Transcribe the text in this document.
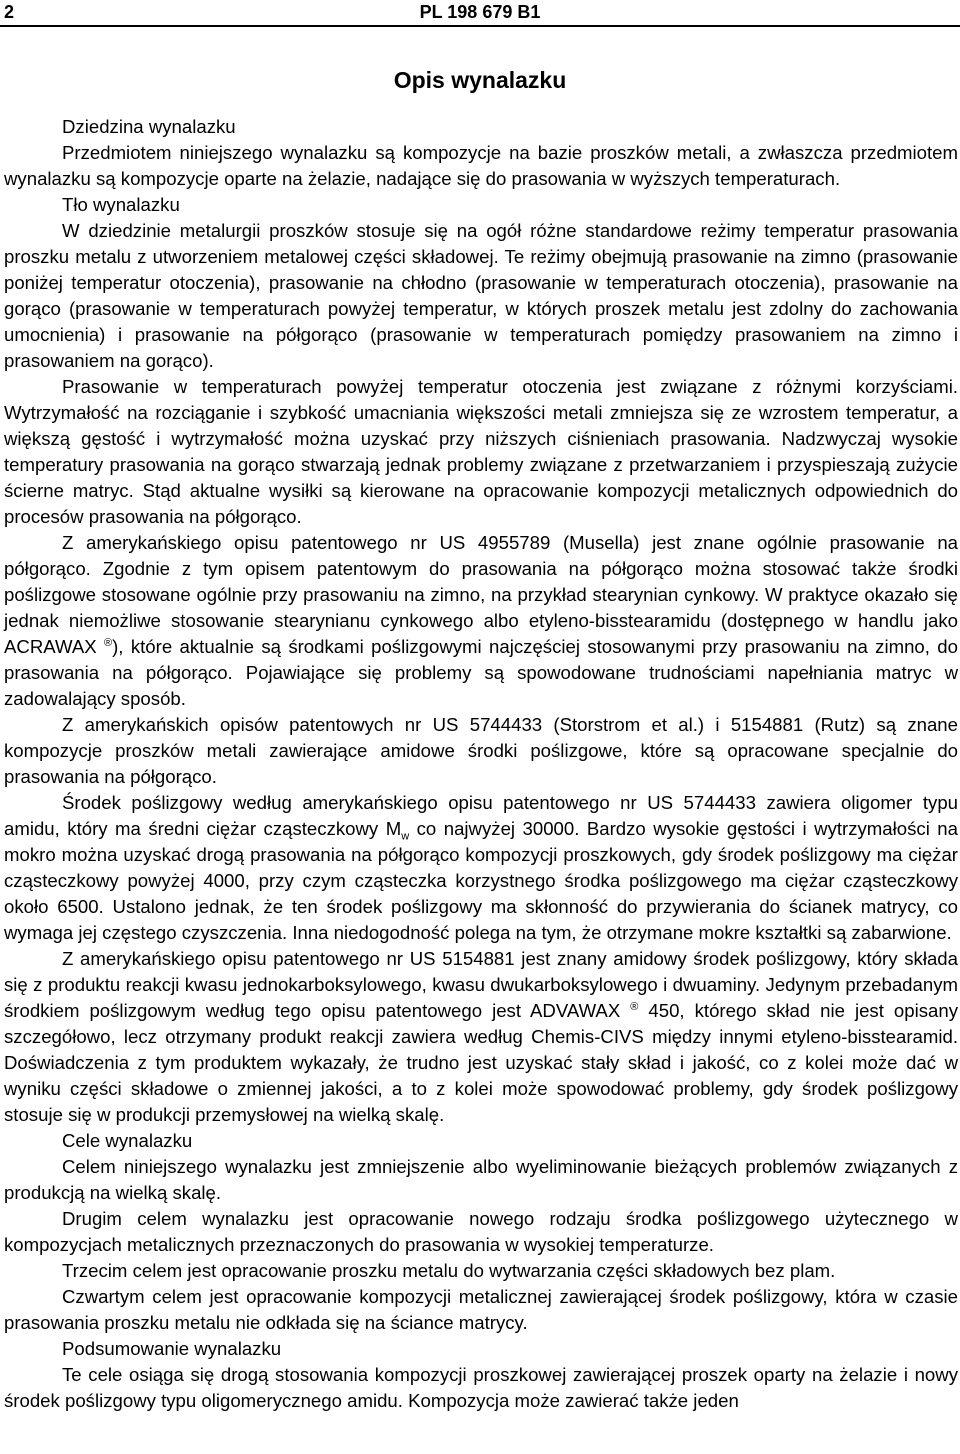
2	PL 198 679 B1
Opis wynalazku

Dziedzina wynalazku

Przedmiotem niniejszego wynalazku są kompozycje na bazie proszków metali, a zwłaszcza przedmiotem wynalazku są kompozycje oparte na żelazie, nadające się do prasowania w wyższych temperaturach.

Tło wynalazku

W dziedzinie metalurgii proszków stosuje się na ogół różne standardowe reżimy temperatur prasowania proszku metalu z utworzeniem metalowej części składowej. Te reżimy obejmują prasowanie na zimno (prasowanie poniżej temperatur otoczenia), prasowanie na chłodno (prasowanie w temperaturach otoczenia), prasowanie na gorąco (prasowanie w temperaturach powyżej temperatur, w których proszek metalu jest zdolny do zachowania umocnienia) i prasowanie na półgorąco (prasowanie w temperaturach pomiędzy prasowaniem na zimno i prasowaniem na gorąco).

Prasowanie w temperaturach powyżej temperatur otoczenia jest związane z różnymi korzyściami. Wytrzymałość na rozciąganie i szybkość umacniania większości metali zmniejsza się ze wzrostem temperatur, a większą gęstość i wytrzymałość można uzyskać przy niższych ciśnieniach prasowania. Nadzwyczaj wysokie temperatury prasowania na gorąco stwarzają jednak problemy związane z przetwarzaniem i przyspieszają zużycie ścierne matryc. Stąd aktualne wysiłki są kierowane na opracowanie kompozycji metalicznych odpowiednich do procesów prasowania na półgorąco.

Z amerykańskiego opisu patentowego nr US 4955789 (Musella) jest znane ogólnie prasowanie na półgorąco. Zgodnie z tym opisem patentowym do prasowania na półgorąco można stosować także środki poślizgowe stosowane ogólnie przy prasowaniu na zimno, na przykład stearynian cynkowy. W praktyce okazało się jednak niemożliwe stosowanie stearynianu cynkowego albo etyleno-bisstearamidu (dostępnego w handlu jako ACRAWAX ®), które aktualnie są środkami poślizgowymi najczęściej stosowanymi przy prasowaniu na zimno, do prasowania na półgorąco. Pojawiające się problemy są spowodowane trudnościami napełniania matryc w zadowalający sposób.

Z amerykańskich opisów patentowych nr US 5744433 (Storstrom et al.) i 5154881 (Rutz) są znane kompozycje proszków metali zawierające amidowe środki poślizgowe, które są opracowane specjalnie do prasowania na półgorąco.

Środek poślizgowy według amerykańskiego opisu patentowego nr US 5744433 zawiera oligomer typu amidu, który ma średni ciężar cząsteczkowy $M_w$ co najwyżej 30000. Bardzo wysokie gęstości i wytrzymałości na mokro można uzyskać drogą prasowania na półgorąco kompozycji proszkowych, gdy środek poślizgowy ma ciężar cząsteczkowy powyżej 4000, przy czym cząsteczka korzystnego środka poślizgowego ma ciężar cząsteczkowy około 6500. Ustalono jednak, że ten środek poślizgowy ma skłonność do przywierania do ścianek matrycy, co wymaga jej częstego czyszczenia. Inna niedogodność polega na tym, że otrzymane mokre kształtki są zabarwione.

Z amerykańskiego opisu patentowego nr US 5154881 jest znany amidowy środek poślizgowy, który składa się z produktu reakcji kwasu jednokarboksylowego, kwasu dwukarboksylowego i dwuaminy. Jedynym przebadanym środkiem poślizgowym według tego opisu patentowego jest ADVAWAX ® 450, którego skład nie jest opisany szczegółowo, lecz otrzymany produkt reakcji zawiera według Chemis-CIVS między innymi etyleno-bisstearamid. Doświadczenia z tym produktem wykazały, że trudno jest uzyskać stały skład i jakość, co z kolei może dać w wyniku części składowe o zmiennej jakości, a to z kolei może spowodować problemy, gdy środek poślizgowy stosuje się w produkcji przemysłowej na wielką skalę.

Cele wynalazku

Celem niniejszego wynalazku jest zmniejszenie albo wyeliminowanie bieżących problemów związanych z produkcją na wielką skalę.

Drugim celem wynalazku jest opracowanie nowego rodzaju środka poślizgowego użytecznego w kompozycjach metalicznych przeznaczonych do prasowania w wysokiej temperaturze.

Trzecim celem jest opracowanie proszku metalu do wytwarzania części składowych bez plam.

Czwartym celem jest opracowanie kompozycji metalicznej zawierającej środek poślizgowy, która w czasie prasowania proszku metalu nie odkłada się na ściance matrycy.

Podsumowanie wynalazku

Te cele osiąga się drogą stosowania kompozycji proszkowej zawierającej proszek oparty na żelazie i nowy środek poślizgowy typu oligomerycznego amidu. Kompozycja może zawierać także jeden
